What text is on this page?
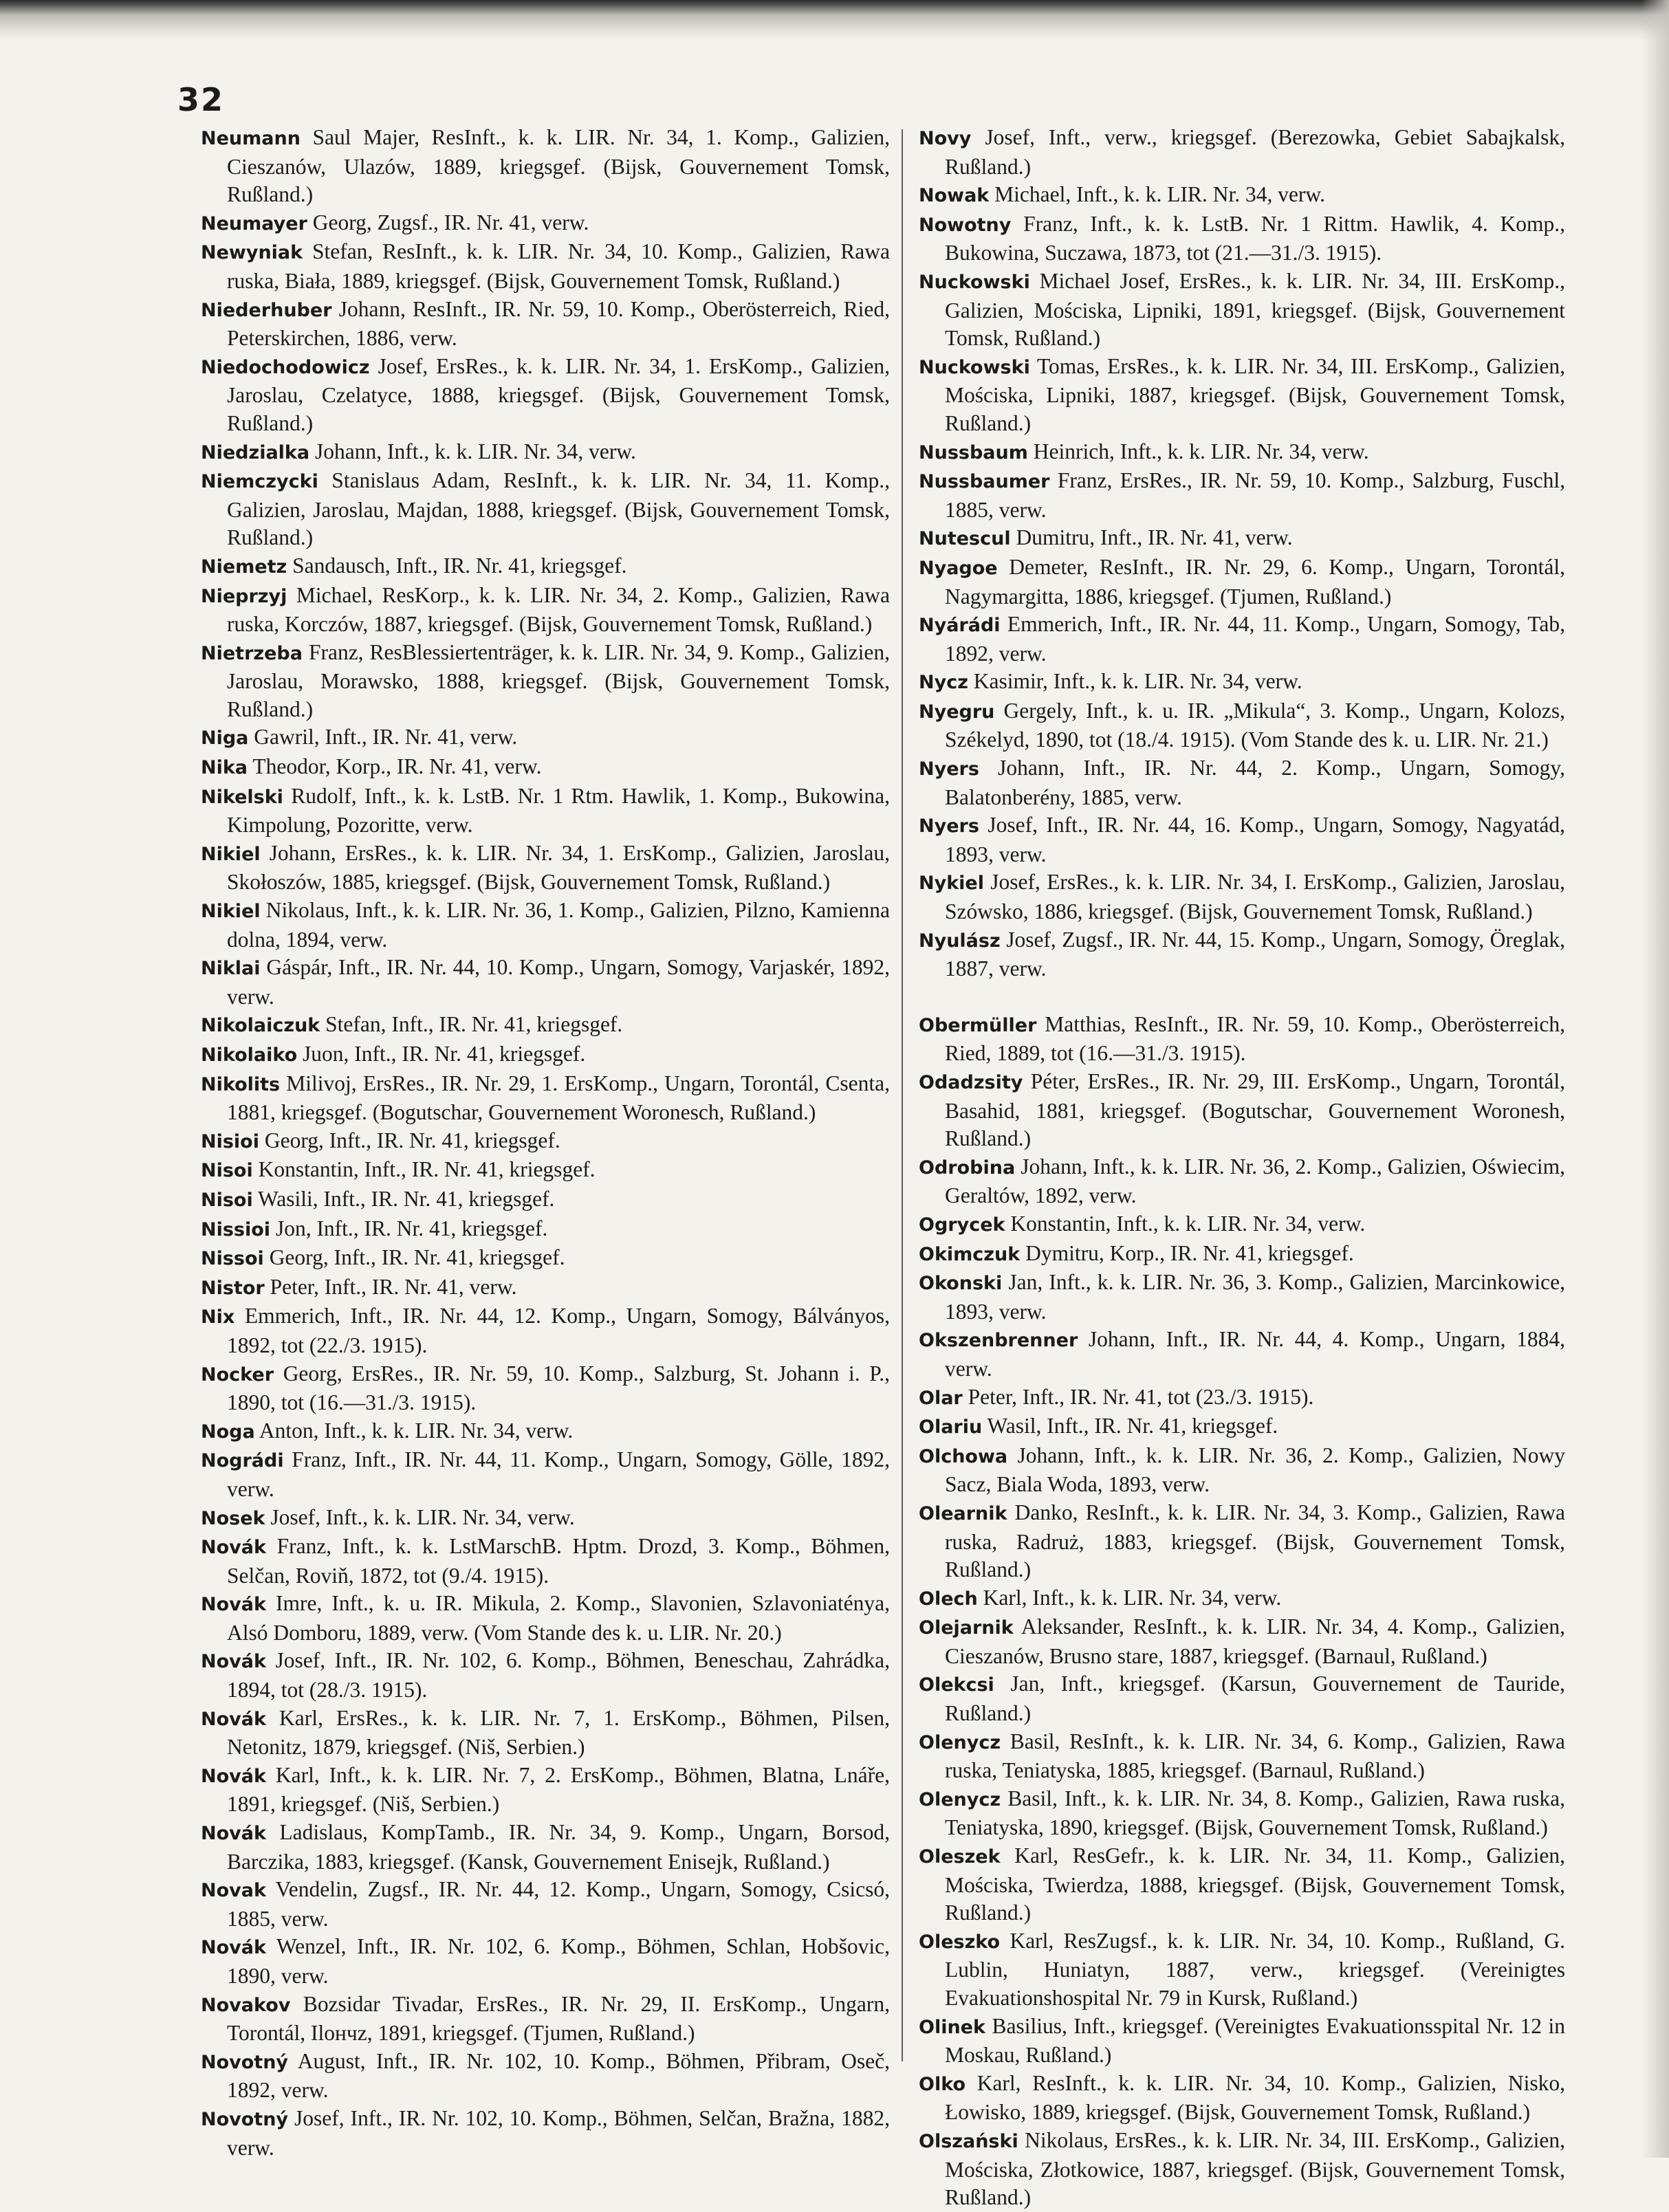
32

Neumann Saul Majer, ResInft., k. k. LIR. Nr. 34, 1. Komp., Galizien, Cieszanów, Ulazów, 1889, kriegsgef. (Bijsk, Gouvernement Tomsk, Rußland.)

Neumayer Georg, Zugsf., IR. Nr. 41, verw.

Newyniak Stefan, ResInft., k. k. LIR. Nr. 34, 10. Komp., Galizien, Rawa ruska, Biała, 1889, kriegsgef. (Bijsk, Gouvernement Tomsk, Rußland.)

Niederhuber Johann, ResInft., IR. Nr. 59, 10. Komp., Oberösterreich, Ried, Peterskirchen, 1886, verw.

Niedochodowicz Josef, ErsRes., k. k. LIR. Nr. 34, 1. ErsKomp., Galizien, Jaroslau, Czelatyce, 1888, kriegsgef. (Bijsk, Gouvernement Tomsk, Rußland.)

Niedzialka Johann, Inft., k. k. LIR. Nr. 34, verw.

Niemczycki Stanislaus Adam, ResInft., k. k. LIR. Nr. 34, 11. Komp., Galizien, Jaroslau, Majdan, 1888, kriegsgef. (Bijsk, Gouvernement Tomsk, Rußland.)

Niemetz Sandausch, Inft., IR. Nr. 41, kriegsgef.

Nieprzyj Michael, ResKorp., k. k. LIR. Nr. 34, 2. Komp., Galizien, Rawa ruska, Korczów, 1887, kriegsgef. (Bijsk, Gouvernement Tomsk, Rußland.)

Nietrzeba Franz, ResBlessiertenträger, k. k. LIR. Nr. 34, 9. Komp., Galizien, Jaroslau, Morawsko, 1888, kriegsgef. (Bijsk, Gouvernement Tomsk, Rußland.)

Niga Gawril, Inft., IR. Nr. 41, verw.

Nika Theodor, Korp., IR. Nr. 41, verw.

Nikelski Rudolf, Inft., k. k. LstB. Nr. 1 Rtm. Hawlik, 1. Komp., Bukowina, Kimpolung, Pozoritte, verw.

Nikiel Johann, ErsRes., k. k. LIR. Nr. 34, 1. ErsKomp., Galizien, Jaroslau, Skołoszów, 1885, kriegsgef. (Bijsk, Gouvernement Tomsk, Rußland.)

Nikiel Nikolaus, Inft., k. k. LIR. Nr. 36, 1. Komp., Galizien, Pilzno, Kamienna dolna, 1894, verw.

Niklai Gáspár, Inft., IR. Nr. 44, 10. Komp., Ungarn, Somogy, Varjaskér, 1892, verw.

Nikolaiczuk Stefan, Inft., IR. Nr. 41, kriegsgef.

Nikolaiko Juon, Inft., IR. Nr. 41, kriegsgef.

Nikolits Milivoj, ErsRes., IR. Nr. 29, 1. ErsKomp., Ungarn, Torontál, Csenta, 1881, kriegsgef. (Bogutschar, Gouvernement Woronesch, Rußland.)

Nisioi Georg, Inft., IR. Nr. 41, kriegsgef.

Nisoi Konstantin, Inft., IR. Nr. 41, kriegsgef.

Nisoi Wasili, Inft., IR. Nr. 41, kriegsgef.

Nissioi Jon, Inft., IR. Nr. 41, kriegsgef.

Nissoi Georg, Inft., IR. Nr. 41, kriegsgef.

Nistor Peter, Inft., IR. Nr. 41, verw.

Nix Emmerich, Inft., IR. Nr. 44, 12. Komp., Ungarn, Somogy, Bálványos, 1892, tot (22./3. 1915).

Nocker Georg, ErsRes., IR. Nr. 59, 10. Komp., Salzburg, St. Johann i. P., 1890, tot (16.—31./3. 1915).

Noga Anton, Inft., k. k. LIR. Nr. 34, verw.

Nográdi Franz, Inft., IR. Nr. 44, 11. Komp., Ungarn, Somogy, Gölle, 1892, verw.

Nosek Josef, Inft., k. k. LIR. Nr. 34, verw.

Novák Franz, Inft., k. k. LstMarschB. Hptm. Drozd, 3. Komp., Böhmen, Selčan, Roviň, 1872, tot (9./4. 1915).

Novák Imre, Inft., k. u. IR. Mikula, 2. Komp., Slavonien, Szlavoniatényа, Alsó Domboru, 1889, verw. (Vom Stande des k. u. LIR. Nr. 20.)

Novák Josef, Inft., IR. Nr. 102, 6. Komp., Böhmen, Beneschau, Zahrádka, 1894, tot (28./3. 1915).

Novák Karl, ErsRes., k. k. LIR. Nr. 7, 1. ErsKomp., Böhmen, Pilsen, Netonitz, 1879, kriegsgef. (Niš, Serbien.)

Novák Karl, Inft., k. k. LIR. Nr. 7, 2. ErsKomp., Böhmen, Blatna, Lnáře, 1891, kriegsgef. (Niš, Serbien.)

Novák Ladislaus, KompTamb., IR. Nr. 34, 9. Komp., Ungarn, Borsod, Barczika, 1883, kriegsgef. (Kansk, Gouvernement Enisejk, Rußland.)

Novak Vendelin, Zugsf., IR. Nr. 44, 12. Komp., Ungarn, Somogy, Csicsó, 1885, verw.

Novák Wenzel, Inft., IR. Nr. 102, 6. Komp., Böhmen, Schlan, Hobšovic, 1890, verw.

Novakov Bozsidar Tivadar, ErsRes., IR. Nr. 29, II. ErsKomp., Ungarn, Torontál, Ilончz, 1891, kriegsgef. (Tjumen, Rußland.)

Novotný August, Inft., IR. Nr. 102, 10. Komp., Böhmen, Přibram, Oseč, 1892, verw.

Novotný Josef, Inft., IR. Nr. 102, 10. Komp., Böhmen, Selčan, Bražna, 1882, verw.

Novy Josef, Inft., verw., kriegsgef. (Berezowka, Gebiet Sabajkalsk, Rußland.)

Nowak Michael, Inft., k. k. LIR. Nr. 34, verw.

Nowotny Franz, Inft., k. k. LstB. Nr. 1 Rittm. Hawlik, 4. Komp., Bukowina, Suczawa, 1873, tot (21.—31./3. 1915).

Nuckowski Michael Josef, ErsRes., k. k. LIR. Nr. 34, III. ErsKomp., Galizien, Mościska, Lipniki, 1891, kriegsgef. (Bijsk, Gouvernement Tomsk, Rußland.)

Nuckowski Tomas, ErsRes., k. k. LIR. Nr. 34, III. ErsKomp., Galizien, Mościska, Lipniki, 1887, kriegsgef. (Bijsk, Gouvernement Tomsk, Rußland.)

Nussbaum Heinrich, Inft., k. k. LIR. Nr. 34, verw.

Nussbaumer Franz, ErsRes., IR. Nr. 59, 10. Komp., Salzburg, Fuschl, 1885, verw.

Nutescul Dumitru, Inft., IR. Nr. 41, verw.

Nyagoe Demeter, ResInft., IR. Nr. 29, 6. Komp., Ungarn, Torontál, Nagymargitta, 1886, kriegsgef. (Tjumen, Rußland.)

Nyárádi Emmerich, Inft., IR. Nr. 44, 11. Komp., Ungarn, Somogy, Tab, 1892, verw.

Nycz Kasimir, Inft., k. k. LIR. Nr. 34, verw.

Nyegru Gergely, Inft., k. u. IR. „Mikula“, 3. Komp., Ungarn, Kolozs, Székelyd, 1890, tot (18./4. 1915). (Vom Stande des k. u. LIR. Nr. 21.)

Nyers Johann, Inft., IR. Nr. 44, 2. Komp., Ungarn, Somogy, Balatonberény, 1885, verw.

Nyers Josef, Inft., IR. Nr. 44, 16. Komp., Ungarn, Somogy, Nagyatád, 1893, verw.

Nykiel Josef, ErsRes., k. k. LIR. Nr. 34, I. ErsKomp., Galizien, Jaroslau, Szówsko, 1886, kriegsgef. (Bijsk, Gouvernement Tomsk, Rußland.)

Nyulász Josef, Zugsf., IR. Nr. 44, 15. Komp., Ungarn, Somogy, Öreglak, 1887, verw.

Obermüller Matthias, ResInft., IR. Nr. 59, 10. Komp., Oberösterreich, Ried, 1889, tot (16.—31./3. 1915).

Odadzsity Péter, ErsRes., IR. Nr. 29, III. ErsKomp., Ungarn, Torontál, Basahid, 1881, kriegsgef. (Bogutschar, Gouvernement Woronesh, Rußland.)

Odrobina Johann, Inft., k. k. LIR. Nr. 36, 2. Komp., Galizien, Oświecim, Geraltów, 1892, verw.

Ogrycek Konstantin, Inft., k. k. LIR. Nr. 34, verw.

Okimczuk Dymitru, Korp., IR. Nr. 41, kriegsgef.

Okonski Jan, Inft., k. k. LIR. Nr. 36, 3. Komp., Galizien, Marcinkowice, 1893, verw.

Okszenbrenner Johann, Inft., IR. Nr. 44, 4. Komp., Ungarn, 1884, verw.

Olar Peter, Inft., IR. Nr. 41, tot (23./3. 1915).

Olariu Wasil, Inft., IR. Nr. 41, kriegsgef.

Olchowa Johann, Inft., k. k. LIR. Nr. 36, 2. Komp., Galizien, Nowy Sacz, Biala Woda, 1893, verw.

Olearnik Danko, ResInft., k. k. LIR. Nr. 34, 3. Komp., Galizien, Rawa ruska, Radruż, 1883, kriegsgef. (Bijsk, Gouvernement Tomsk, Rußland.)

Olech Karl, Inft., k. k. LIR. Nr. 34, verw.

Olejarnik Aleksander, ResInft., k. k. LIR. Nr. 34, 4. Komp., Galizien, Cieszanów, Brusno stare, 1887, kriegsgef. (Barnaul, Rußland.)

Olekcsi Jan, Inft., kriegsgef. (Karsun, Gouvernement de Tauride, Rußland.)

Olenycz Basil, ResInft., k. k. LIR. Nr. 34, 6. Komp., Galizien, Rawa ruska, Teniatyska, 1885, kriegsgef. (Barnaul, Rußland.)

Olenycz Basil, Inft., k. k. LIR. Nr. 34, 8. Komp., Galizien, Rawa ruska, Teniatyska, 1890, kriegsgef. (Bijsk, Gouvernement Tomsk, Rußland.)

Oleszek Karl, ResGefr., k. k. LIR. Nr. 34, 11. Komp., Galizien, Mościska, Twierdza, 1888, kriegsgef. (Bijsk, Gouvernement Tomsk, Rußland.)

Oleszko Karl, ResZugsf., k. k. LIR. Nr. 34, 10. Komp., Rußland, G. Lublin, Huniatyn, 1887, verw., kriegsgef. (Vereinigtes Evakuationshospital Nr. 79 in Kursk, Rußland.)

Olinek Basilius, Inft., kriegsgef. (Vereinigtes Evakuationsspital Nr. 12 in Moskau, Rußland.)

Olko Karl, ResInft., k. k. LIR. Nr. 34, 10. Komp., Galizien, Nisko, Łowisko, 1889, kriegsgef. (Bijsk, Gouvernement Tomsk, Rußland.)

Olszański Nikolaus, ErsRes., k. k. LIR. Nr. 34, III. ErsKomp., Galizien, Mościska, Złotkowice, 1887, kriegsgef. (Bijsk, Gouvernement Tomsk, Rußland.)
